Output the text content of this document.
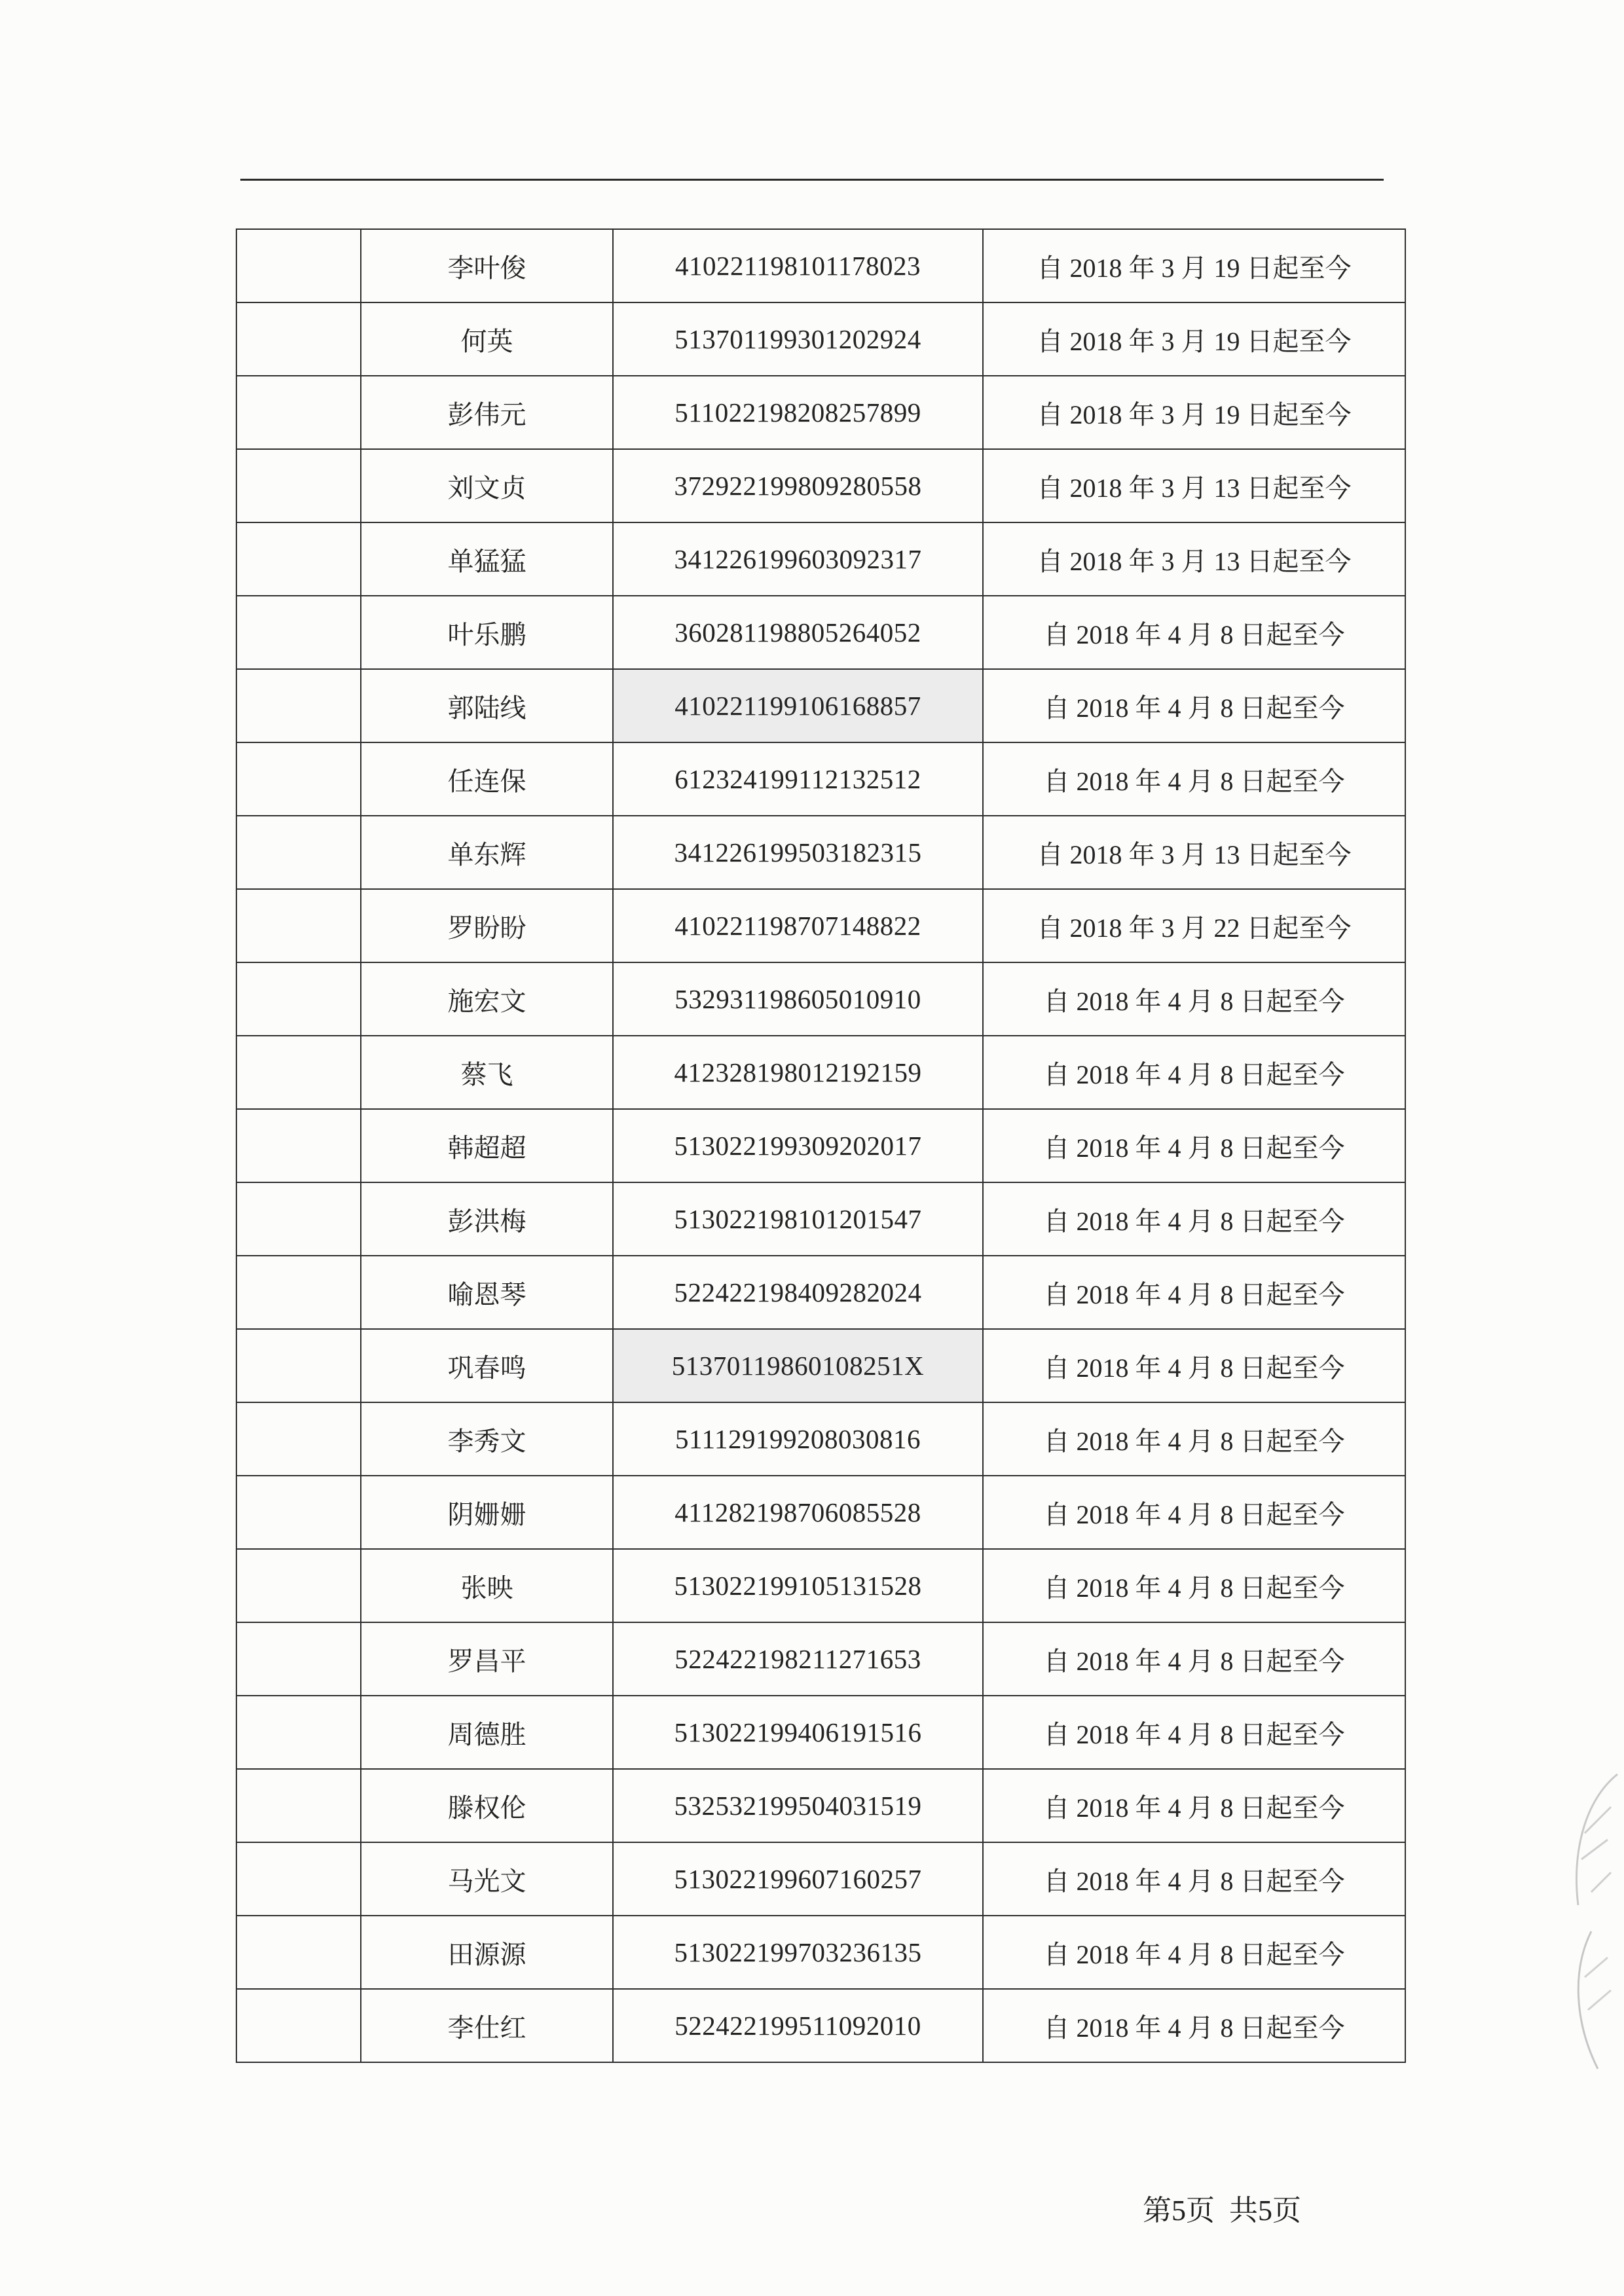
	李叶俊	410221198101178023	自 2018 年 3 月 19 日起至今
	何英	513701199301202924	自 2018 年 3 月 19 日起至今
	彭伟元	511022198208257899	自 2018 年 3 月 19 日起至今
	刘文贞	372922199809280558	自 2018 年 3 月 13 日起至今
	单猛猛	341226199603092317	自 2018 年 3 月 13 日起至今
	叶乐鹏	360281198805264052	自 2018 年 4 月 8 日起至今
	郭陆线	410221199106168857	自 2018 年 4 月 8 日起至今
	任连保	612324199112132512	自 2018 年 4 月 8 日起至今
	单东辉	341226199503182315	自 2018 年 3 月 13 日起至今
	罗盼盼	410221198707148822	自 2018 年 3 月 22 日起至今
	施宏文	532931198605010910	自 2018 年 4 月 8 日起至今
	蔡飞	412328198012192159	自 2018 年 4 月 8 日起至今
	韩超超	513022199309202017	自 2018 年 4 月 8 日起至今
	彭洪梅	513022198101201547	自 2018 年 4 月 8 日起至今
	喻恩琴	522422198409282024	自 2018 年 4 月 8 日起至今
	巩春鸣	51370119860108251X	自 2018 年 4 月 8 日起至今
	李秀文	511129199208030816	自 2018 年 4 月 8 日起至今
	阴姗姗	411282198706085528	自 2018 年 4 月 8 日起至今
	张映	513022199105131528	自 2018 年 4 月 8 日起至今
	罗昌平	522422198211271653	自 2018 年 4 月 8 日起至今
	周德胜	513022199406191516	自 2018 年 4 月 8 日起至今
	滕权伦	532532199504031519	自 2018 年 4 月 8 日起至今
	马光文	513022199607160257	自 2018 年 4 月 8 日起至今
	田源源	513022199703236135	自 2018 年 4 月 8 日起至今
	李仕红	522422199511092010	自 2018 年 4 月 8 日起至今
第5页 共5页
